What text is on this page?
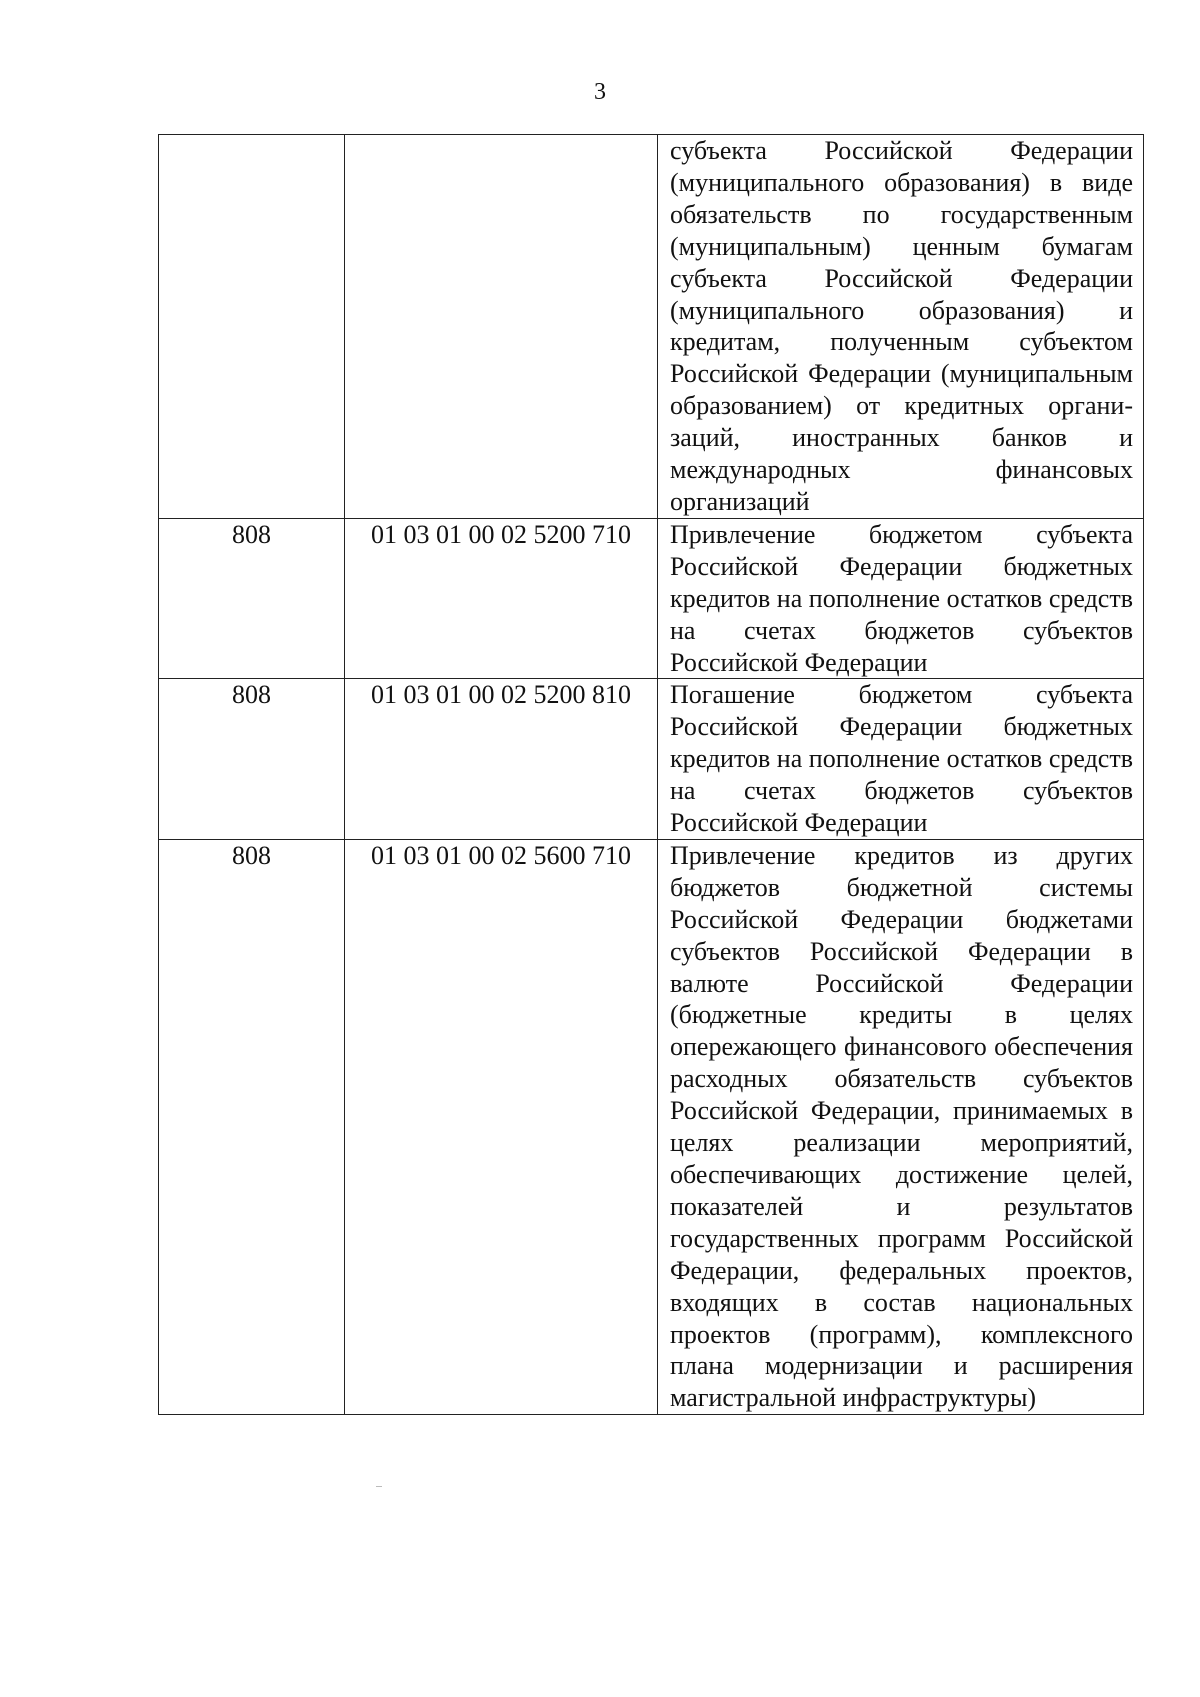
3
		субъекта Российской Федерации (муниципального образования) в виде обязательств по государственным (муниципальным) ценным бумагам субъекта Российской Федерации (муниципального образования) и кредитам, полученным субъектом Российской Федерации (муниципальным образованием) от кредитных организаций, иностранных банков и международных финансовых организаций
808	01 03 01 00 02 5200 710	Привлечение бюджетом субъекта Российской Федерации бюджетных кредитов на пополнение остатков средств на счетах бюджетов субъектов Российской Федерации
808	01 03 01 00 02 5200 810	Погашение бюджетом субъекта Российской Федерации бюджетных кредитов на пополнение остатков средств на счетах бюджетов субъектов Российской Федерации
808	01 03 01 00 02 5600 710	Привлечение кредитов из других бюджетов бюджетной системы Российской Федерации бюджетами субъектов Российской Федерации в валюте Российской Федерации (бюджетные кредиты в целях опережающего финансового обеспечения расходных обязательств субъектов Российской Федерации, принимаемых в целях реализации мероприятий, обеспечивающих достижение целей, показателей и результатов государственных программ Российской Федерации, федеральных проектов, входящих в состав национальных проектов (программ), комплексного плана модернизации и расширения магистральной инфраструктуры)
